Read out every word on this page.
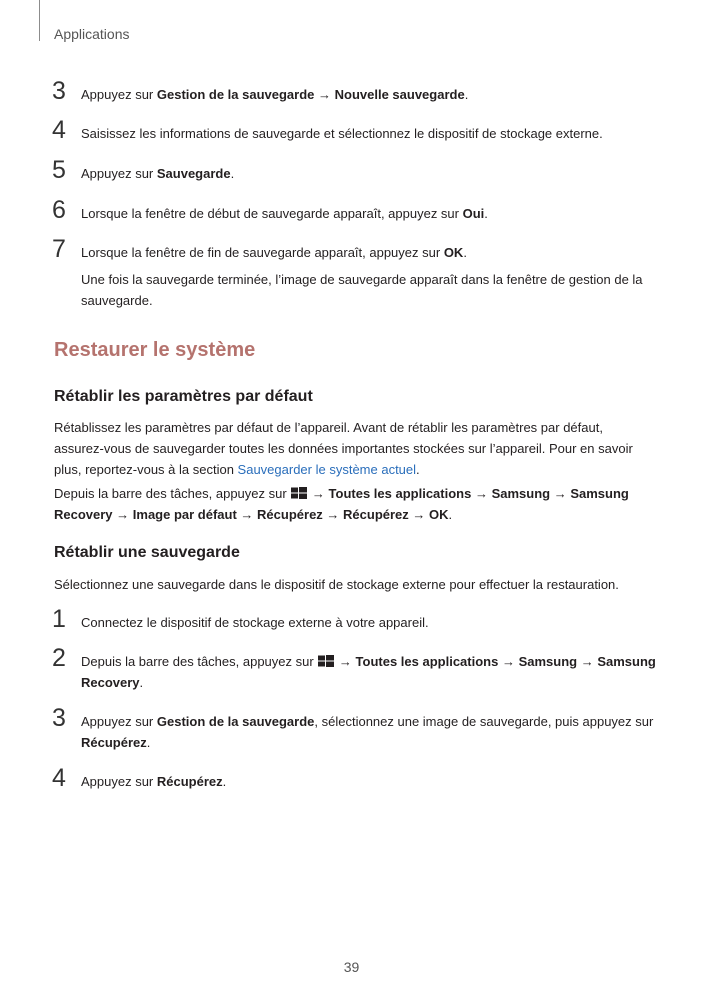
Applications
3	Appuyez sur Gestion de la sauvegarde → Nouvelle sauvegarde.
4	Saisissez les informations de sauvegarde et sélectionnez le dispositif de stockage externe.
5	Appuyez sur Sauvegarde.
6	Lorsque la fenêtre de début de sauvegarde apparaît, appuyez sur Oui.
7	Lorsque la fenêtre de fin de sauvegarde apparaît, appuyez sur OK.
Une fois la sauvegarde terminée, l’image de sauvegarde apparaît dans la fenêtre de gestion de la sauvegarde.
Restaurer le système
Rétablir les paramètres par défaut
Rétablissez les paramètres par défaut de l’appareil. Avant de rétablir les paramètres par défaut, assurez-vous de sauvegarder toutes les données importantes stockées sur l’appareil. Pour en savoir plus, reportez-vous à la section Sauvegarder le système actuel.
Depuis la barre des tâches, appuyez sur  → Toutes les applications → Samsung → Samsung Recovery → Image par défaut → Récupérez → Récupérez → OK.
Rétablir une sauvegarde
Sélectionnez une sauvegarde dans le dispositif de stockage externe pour effectuer la restauration.
1	Connectez le dispositif de stockage externe à votre appareil.
2	Depuis la barre des tâches, appuyez sur  → Toutes les applications → Samsung → Samsung Recovery.
3	Appuyez sur Gestion de la sauvegarde, sélectionnez une image de sauvegarde, puis appuyez sur Récupérez.
4	Appuyez sur Récupérez.
39
